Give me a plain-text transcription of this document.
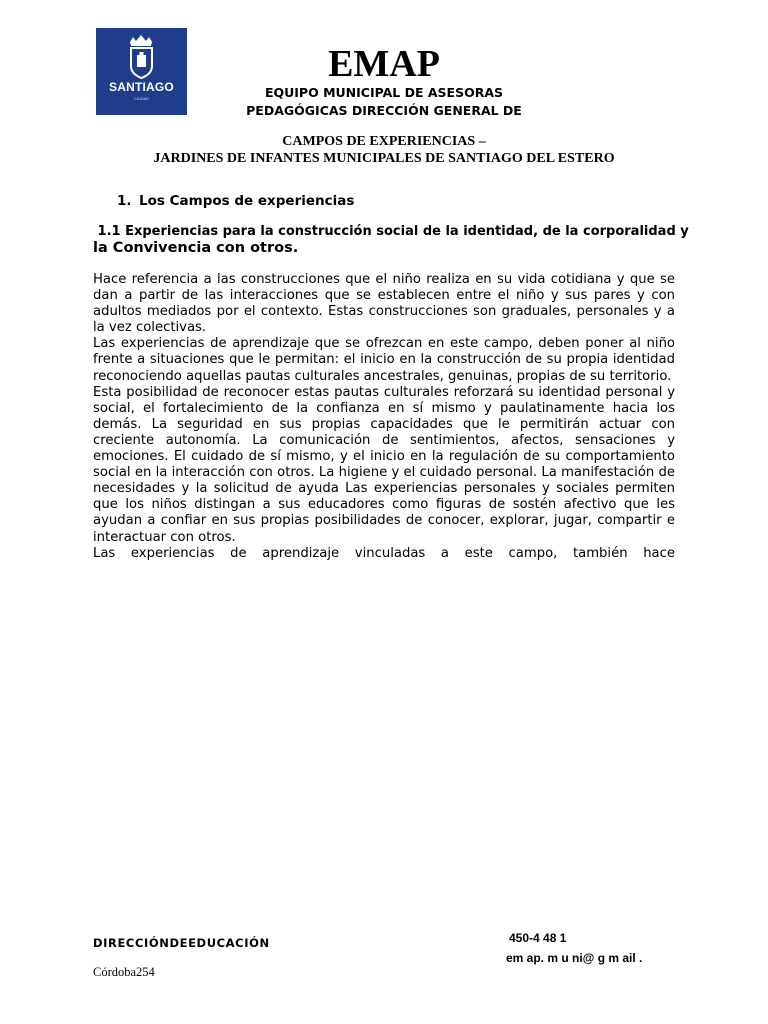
SANTIAGO
CIUDAD
EMAP
EQUIPO MUNICIPAL DE ASESORAS
PEDAGÓGICAS DIRECCIÓN GENERAL DE
CAMPOS DE EXPERIENCIAS –
JARDINES DE INFANTES MUNICIPALES DE SANTIAGO DEL ESTERO
1. Los Campos de experiencias
1.1 Experiencias para la construcción social de la identidad, de la corporalidad y
la Convivencia con otros.

Hace referencia a las construcciones que el niño realiza en su vida cotidiana y que se dan a partir de las interacciones que se establecen entre el niño y sus pares y con adultos mediados por el contexto. Estas construcciones son graduales, personales y a la vez colectivas.

Las experiencias de aprendizaje que se ofrezcan en este campo, deben poner al niño frente a situaciones que le permitan: el inicio en la construcción de su propia identidad reconociendo aquellas pautas culturales ancestrales, genuinas, propias de su territorio.

Esta posibilidad de reconocer estas pautas culturales reforzará su identidad personal y social, el fortalecimiento de la confianza en sí mismo y paulatinamente hacia los demás. La seguridad en sus propias capacidades que le permitirán actuar con creciente autonomía. La comunicación de sentimientos, afectos, sensaciones y emociones. El cuidado de sí mismo, y el inicio en la regulación de su comportamiento social en la interacción con otros. La higiene y el cuidado personal. La manifestación de necesidades y la solicitud de ayuda Las experiencias personales y sociales permiten que los niños distingan a sus educadores como figuras de sostén afectivo que les ayudan a confiar en sus propias posibilidades de conocer, explorar, jugar, compartir e interactuar con otros.

Las experiencias de aprendizaje vinculadas a este campo, también hace

DIRECCIÓNDEEDUCACIÓN
Córdoba254
450-4 48 1
em ap. m u ni@ g m ail .
